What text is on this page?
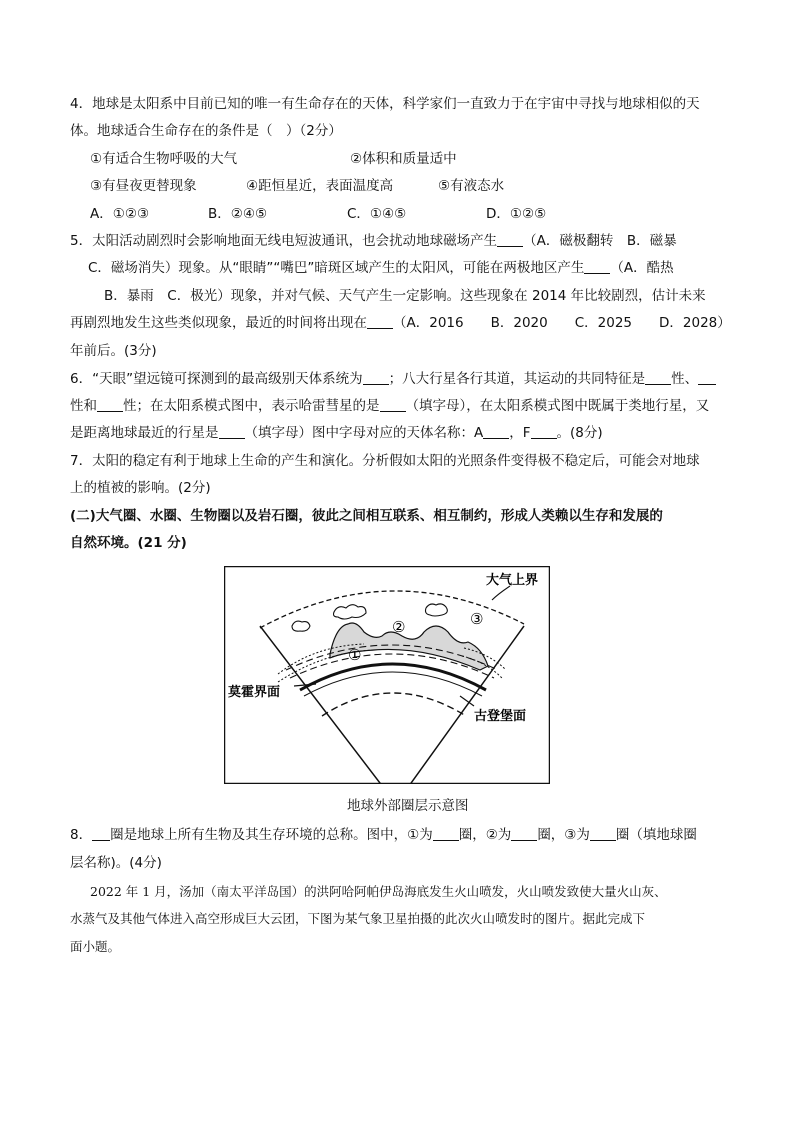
4．地球是太阳系中目前已知的唯一有生命存在的天体，科学家们一直致力于在宇宙中寻找与地球相似的天
体。地球适合生命存在的条件是（　）（2分）
①有适合生物呼吸的大气	②体积和质量适中
③有昼夜更替现象	④距恒星近，表面温度高	⑤有液态水
A．①②③	B．②④⑤	C．①④⑤	D．①②⑤
5．太阳活动剧烈时会影响地面无线电短波通讯，也会扰动地球磁场产生 （A．磁极翻转　B．磁暴
C．磁场消失）现象。从“眼睛”“嘴巴”暗斑区域产生的太阳风，可能在两极地区产生 （A．酷热
B．暴雨　C．极光）现象，并对气候、天气产生一定影响。这些现象在 2014 年比较剧烈，估计未来
再剧烈地发生这些类似现象，最近的时间将出现在 （A．2016　　B．2020　　C．2025　　D．2028）
年前后。(3分)
6．“天眼”望远镜可探测到的最高级别天体系统为 ；八大行星各行其道，其运动的共同特征是 性、
性和 性；在太阳系模式图中，表示哈雷彗星的是 （填字母），在太阳系模式图中既属于类地行星，又
是距离地球最近的行星是 （填字母）图中字母对应的天体名称：A ，F 。(8分)
7．太阳的稳定有利于地球上生命的产生和演化。分析假如太阳的光照条件变得极不稳定后，可能会对地球
上的植被的影响。(2分)
(二)大气圈、水圈、生物圈以及岩石圈，彼此之间相互联系、相互制约，形成人类赖以生存和发展的
自然环境。(21 分)
大气上界
莫霍界面
古登堡面
③
②
①
地球外部圈层示意图
8． 圈是地球上所有生物及其生存环境的总称。图中，①为 圈，②为 圈，③为 圈（填地球圈
层名称)。(4分)
2022 年 1 月，汤加（南太平洋岛国）的洪阿哈阿帕伊岛海底发生火山喷发，火山喷发致使大量火山灰、
水蒸气及其他气体进入高空形成巨大云团，下图为某气象卫星拍摄的此次火山喷发时的图片。据此完成下
面小题。
